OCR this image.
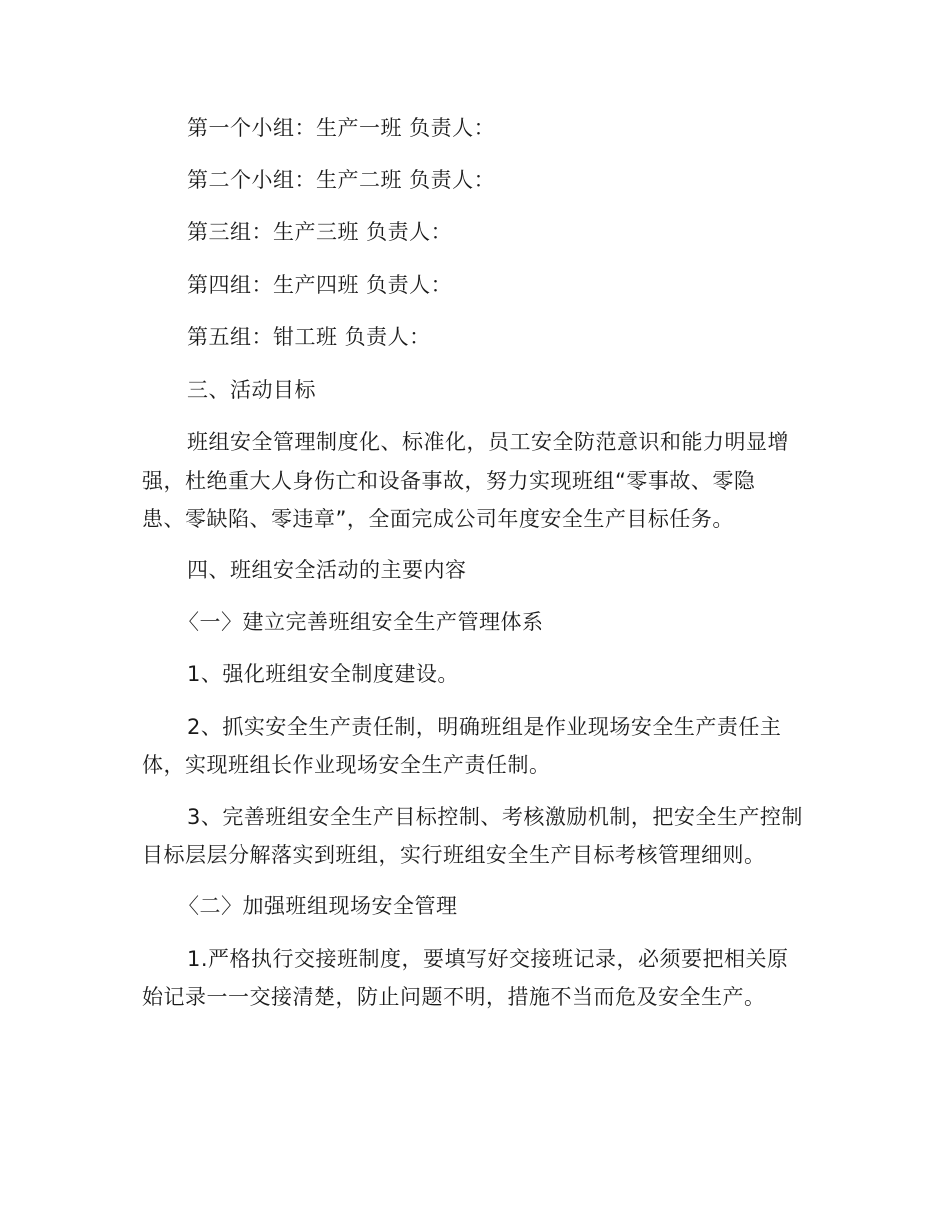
第一个小组：生产一班 负责人：
第二个小组：生产二班 负责人：
第三组：生产三班 负责人：
第四组：生产四班 负责人：
第五组：钳工班 负责人：
三、活动目标
班组安全管理制度化、标准化，员工安全防范意识和能力明显增
强，杜绝重大人身伤亡和设备事故，努力实现班组“零事故、零隐
患、零缺陷、零违章”，全面完成公司年度安全生产目标任务。
四、班组安全活动的主要内容
〈一〉建立完善班组安全生产管理体系
1、强化班组安全制度建设。
2、抓实安全生产责任制，明确班组是作业现场安全生产责任主
体，实现班组长作业现场安全生产责任制。
3、完善班组安全生产目标控制、考核激励机制，把安全生产控制
目标层层分解落实到班组，实行班组安全生产目标考核管理细则。
〈二〉加强班组现场安全管理
1.严格执行交接班制度，要填写好交接班记录，必须要把相关原
始记录一一交接清楚，防止问题不明，措施不当而危及安全生产。
